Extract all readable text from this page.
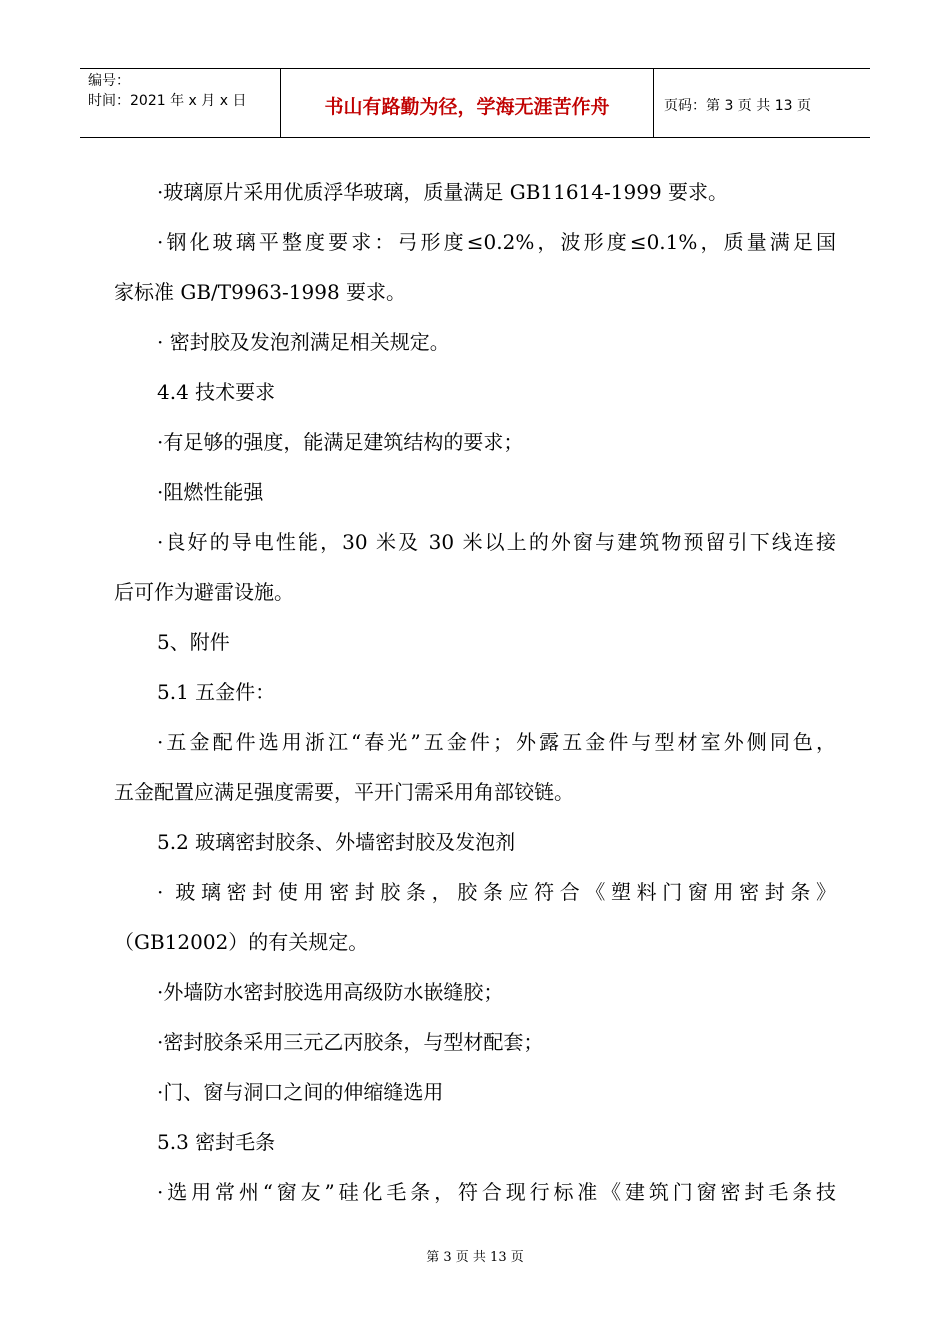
编号：
时间：2021 年 x 月 x 日	书山有路勤为径，学海无涯苦作舟	页码：第 3 页 共 13 页

·玻璃原片采用优质浮华玻璃，质量满足 GB11614-1999 要求。

·钢化玻璃平整度要求：弓形度≤0.2%，波形度≤0.1%，质量满足国

家标准 GB/T9963-1998 要求。

· 密封胶及发泡剂满足相关规定。

4.4 技术要求

·有足够的强度，能满足建筑结构的要求；

·阻燃性能强

·良好的导电性能，30 米及 30 米以上的外窗与建筑物预留引下线连接

后可作为避雷设施。

5、附件

5.1 五金件：

·五金配件选用浙江“春光”五金件；外露五金件与型材室外侧同色，

五金配置应满足强度需要，平开门需采用角部铰链。

5.2 玻璃密封胶条、外墙密封胶及发泡剂

· 玻璃密封使用密封胶条，胶条应符合《塑料门窗用密封条》

（GB12002）的有关规定。

·外墙防水密封胶选用高级防水嵌缝胶；

·密封胶条采用三元乙丙胶条，与型材配套；

·门、窗与洞口之间的伸缩缝选用

5.3 密封毛条

·选用常州“窗友”硅化毛条，符合现行标准《建筑门窗密封毛条技

第 3 页 共 13 页
